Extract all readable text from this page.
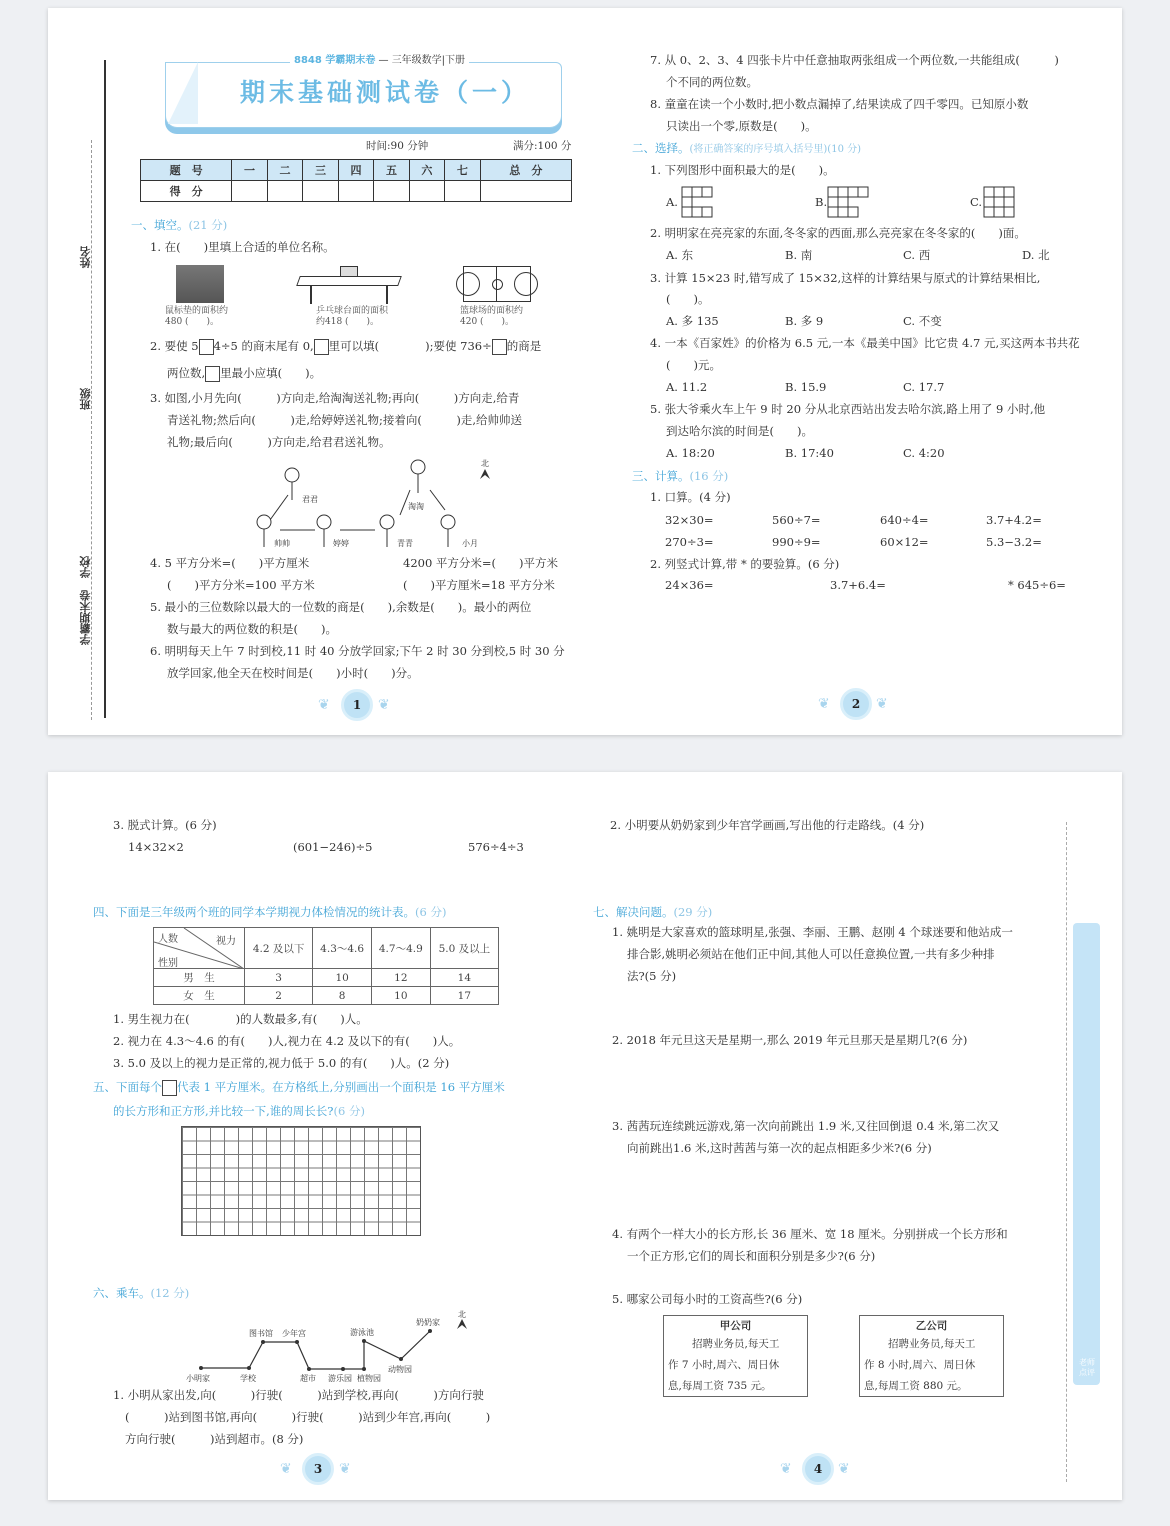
姓名
班级
学校
学霸期末卷
8848 学霸期末卷 — 三年级数学|下册
期末基础测试卷（一）
时间:90 分钟	满分:100 分
题　号	一	二	三	四	五	六	七	总　分
得　分								
一、填空。(21 分)
1. 在(　　)里填上合适的单位名称。
鼠标垫的面积约
480 (　　)。
乒乓球台面的面积
约418 (　　)。
篮球场的面积约
420 (　　)。
2. 要使 5 4÷5 的商末尾有 0, 里可以填(　　　　);要使 736÷ 的商是
两位数, 里最小应填(　　)。
3. 如图,小月先向(　　　)方向走,给淘淘送礼物;再向(　　　)方向走,给青
青送礼物;然后向(　　　)走,给婷婷送礼物;接着向(　　　)走,给帅帅送
礼物;最后向(　　　)方向走,给君君送礼物。
君君
帅帅	婷婷	青青
淘淘
小月
北
4. 5 平方分米=(　　)平方厘米	4200 平方分米=(　　)平方米
(　　)平方分米=100 平方米	(　　)平方厘米=18 平方分米
5. 最小的三位数除以最大的一位数的商是(　　),余数是(　　)。最小的两位
数与最大的两位数的积是(　　)。
6. 明明每天上午 7 时到校,11 时 40 分放学回家;下午 2 时 30 分到校,5 时 30 分
放学回家,他全天在校时间是(　　)小时(　　)分。
❦	1	❦
7. 从 0、2、3、4 四张卡片中任意抽取两张组成一个两位数,一共能组成(　　　)
个不同的两位数。
8. 童童在读一个小数时,把小数点漏掉了,结果读成了四千零四。已知原小数
只读出一个零,原数是(　　)。
二、选择。(将正确答案的序号填入括号里)(10 分)
1. 下列图形中面积最大的是(　　)。
A.	B.	C.
2. 明明家在亮亮家的东面,冬冬家的西面,那么亮亮家在冬冬家的(　　)面。
A. 东	B. 南	C. 西	D. 北
3. 计算 15×23 时,错写成了 15×32,这样的计算结果与原式的计算结果相比,
(　　)。
A. 多 135	B. 多 9	C. 不变
4. 一本《百家姓》的价格为 6.5 元,一本《最美中国》比它贵 4.7 元,买这两本书共花
(　　)元。
A. 11.2	B. 15.9	C. 17.7
5. 张大爷乘火车上午 9 时 20 分从北京西站出发去哈尔滨,路上用了 9 小时,他
到达哈尔滨的时间是(　　)。
A. 18:20	B. 17:40	C. 4:20
三、计算。(16 分)
1. 口算。(4 分)
32×30=	560÷7=	640÷4=	3.7+4.2=
270÷3=	990÷9=	60×12=	5.3−3.2=
2. 列竖式计算,带 * 的要验算。(6 分)
24×36=	3.7+6.4=	* 645÷6=
❦	2	❦
3. 脱式计算。(6 分)
14×32×2	(601−246)÷5	576÷4÷3
四、下面是三年级两个班的同学本学期视力体检情况的统计表。(6 分)
人数 视力
性别	4.2 及以下	4.3～4.6	4.7～4.9	5.0 及以上
男　生	3	10	12	14
女　生	2	8	10	17
1. 男生视力在(　　　　)的人数最多,有(　　)人。
2. 视力在 4.3～4.6 的有(　　)人,视力在 4.2 及以下的有(　　)人。
3. 5.0 及以上的视力是正常的,视力低于 5.0 的有(　　)人。(2 分)
五、下面每个 代表 1 平方厘米。在方格纸上,分别画出一个面积是 16 平方厘米
的长方形和正方形,并比较一下,谁的周长长?(6 分)
六、乘车。(12 分)
小明家	学校
图书馆 少年宫
超市 游乐园 植物园
游泳池
动物园
奶奶家
北
1. 小明从家出发,向(　　　)行驶(　　　)站到学校,再向(　　　)方向行驶
(　　　)站到图书馆,再向(　　　)行驶(　　　)站到少年宫,再向(　　　)
方向行驶(　　　)站到超市。(8 分)
❦	3	❦
2. 小明要从奶奶家到少年宫学画画,写出他的行走路线。(4 分)
七、解决问题。(29 分)
1. 姚明是大家喜欢的篮球明星,张强、李丽、王鹏、赵刚 4 个球迷要和他站成一
排合影,姚明必须站在他们正中间,其他人可以任意换位置,一共有多少种排
法?(5 分)
2. 2018 年元旦这天是星期一,那么 2019 年元旦那天是星期几?(6 分)
3. 茜茜玩连续跳远游戏,第一次向前跳出 1.9 米,又往回倒退 0.4 米,第二次又
向前跳出1.6 米,这时茜茜与第一次的起点相距多少米?(6 分)
4. 有两个一样大小的长方形,长 36 厘米、宽 18 厘米。分别拼成一个长方形和
一个正方形,它们的周长和面积分别是多少?(6 分)
5. 哪家公司每小时的工资高些?(6 分)
甲公司
招聘业务员,每天工
作 7 小时,周六、周日休
息,每周工资 735 元。
乙公司
招聘业务员,每天工
作 8 小时,周六、周日休
息,每周工资 880 元。
❦	4	❦
老师点评
